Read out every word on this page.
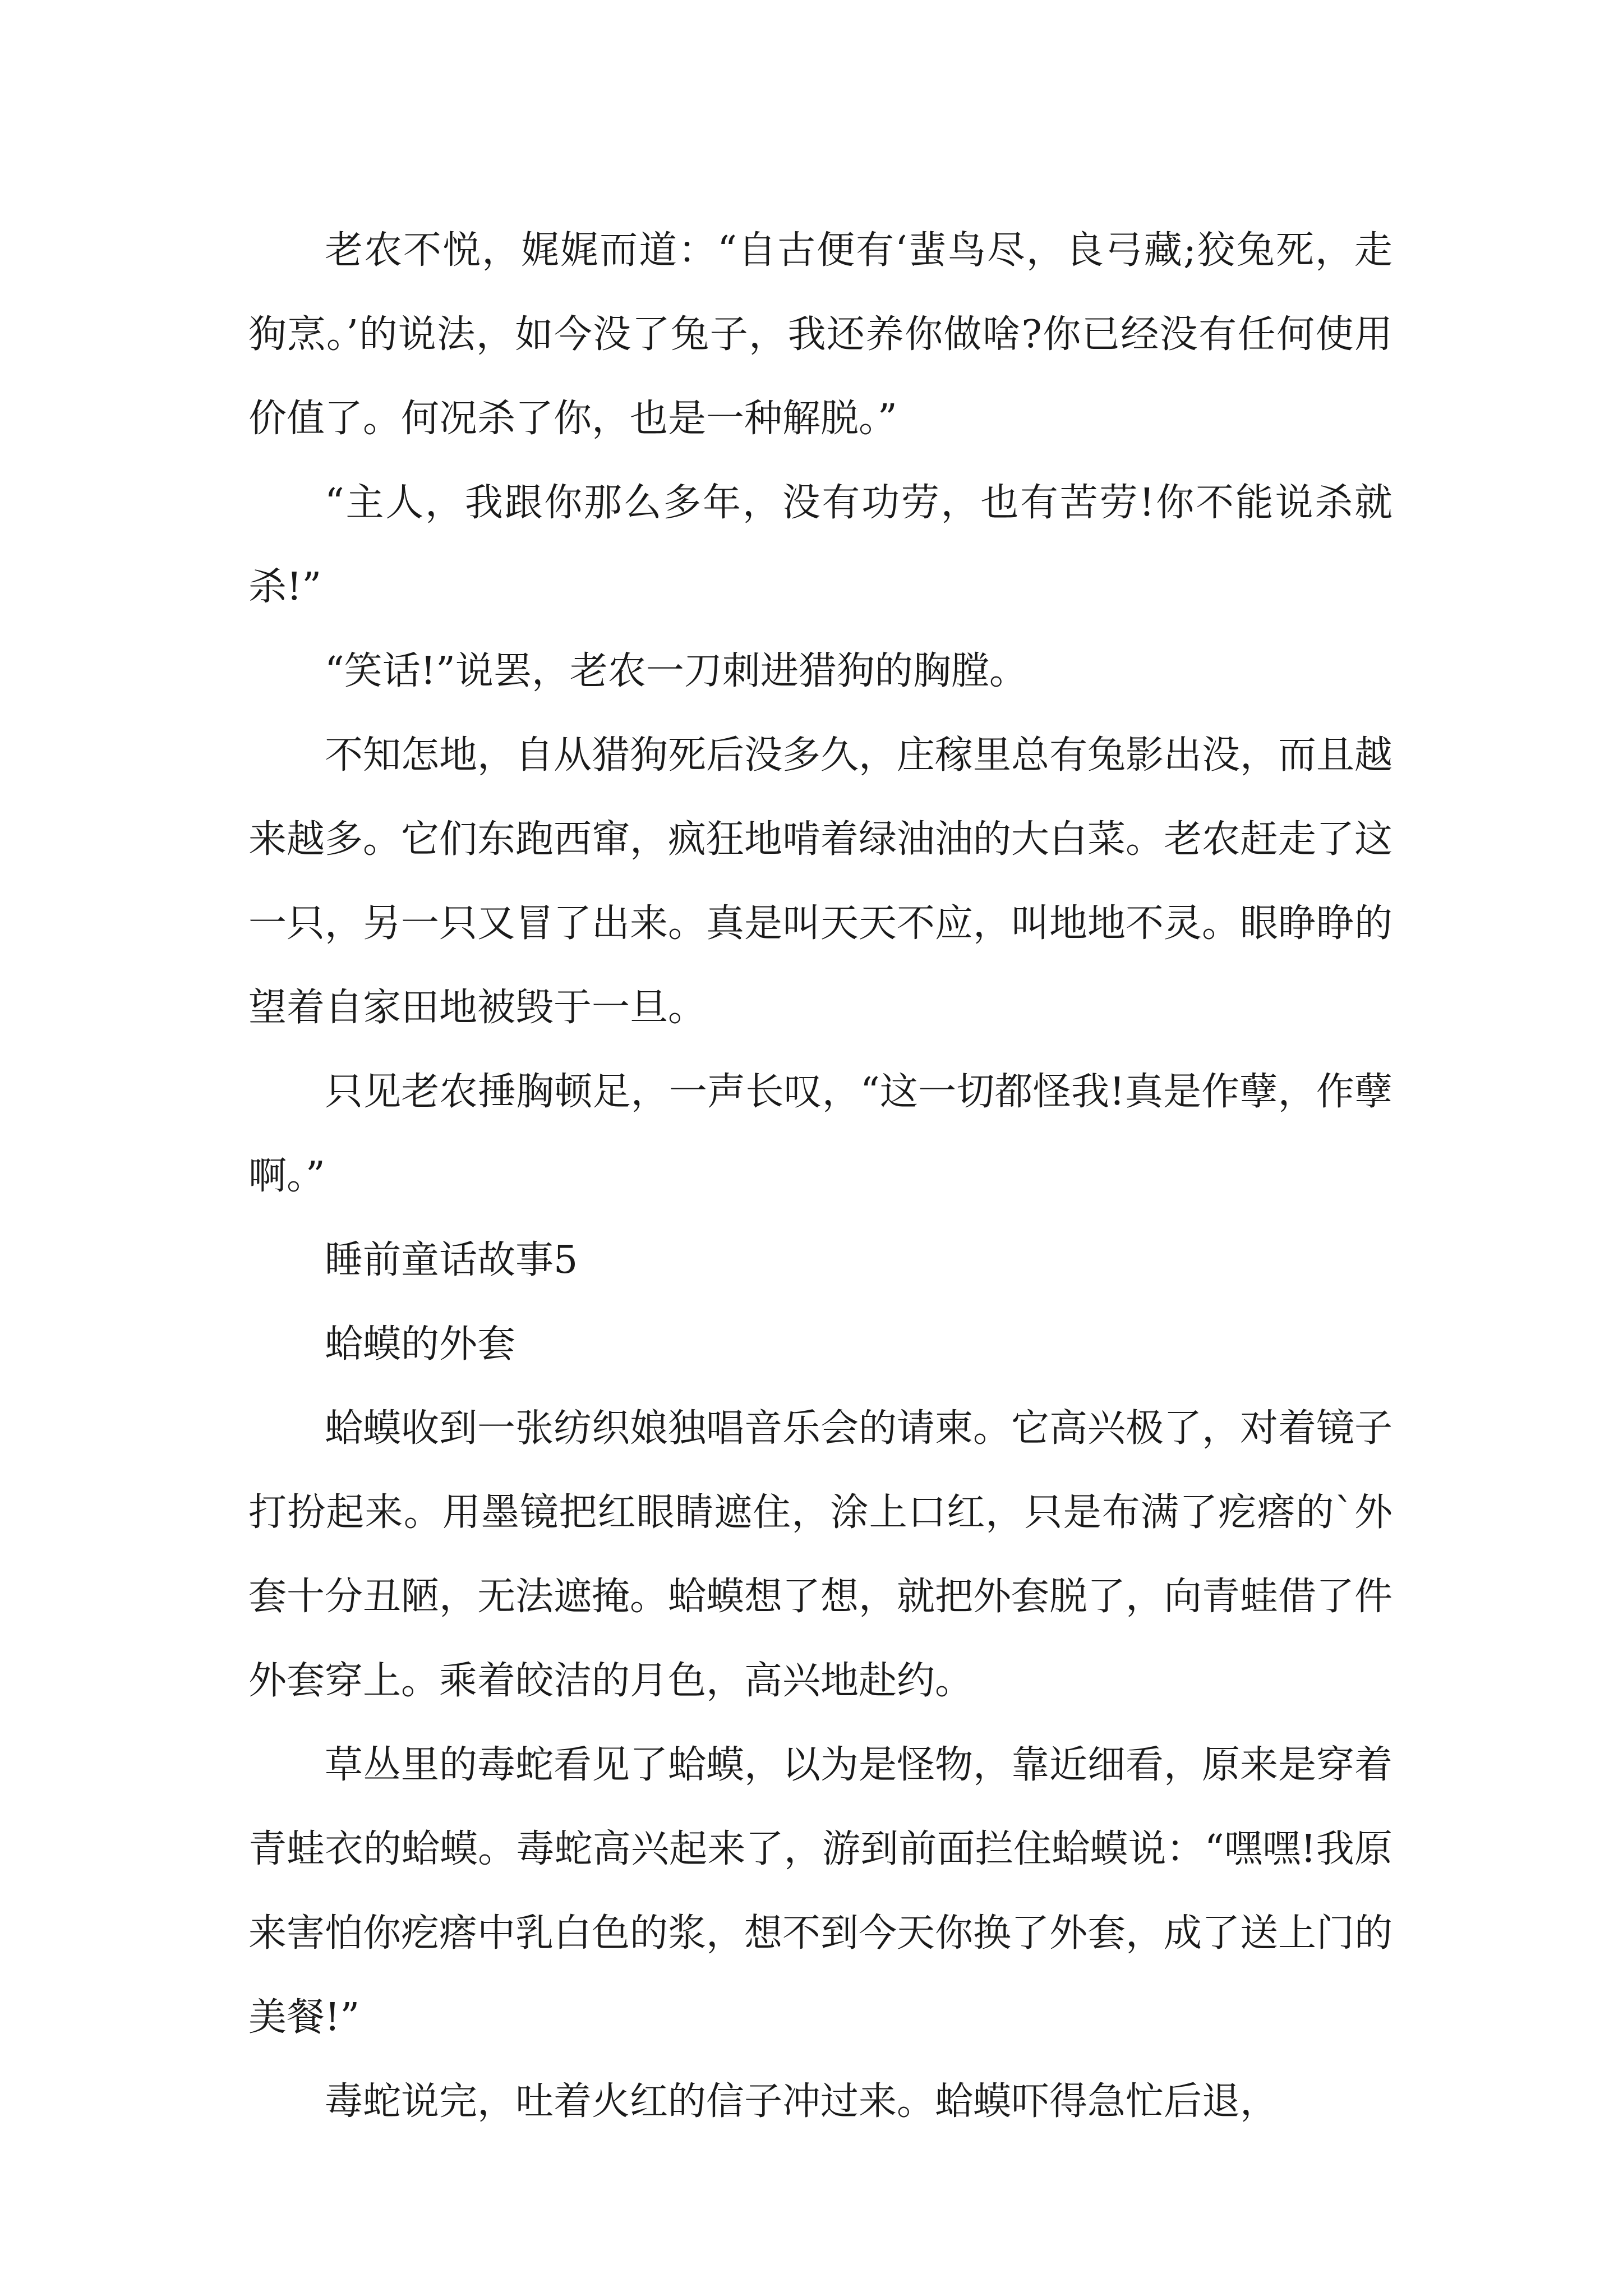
老农不悦，娓娓而道：“自古便有‘蜚鸟尽，良弓藏;狡兔死，走狗烹。’的说法，如今没了兔子，我还养你做啥?你已经没有任何使用价值了。何况杀了你，也是一种解脱。”

“主人，我跟你那么多年，没有功劳，也有苦劳!你不能说杀就杀!”

“笑话!”说罢，老农一刀刺进猎狗的胸膛。

不知怎地，自从猎狗死后没多久，庄稼里总有兔影出没，而且越来越多。它们东跑西窜，疯狂地啃着绿油油的大白菜。老农赶走了这一只，另一只又冒了出来。真是叫天天不应，叫地地不灵。眼睁睁的望着自家田地被毁于一旦。

只见老农捶胸顿足，一声长叹，“这一切都怪我!真是作孽，作孽啊。”

睡前童话故事5

蛤蟆的外套

蛤蟆收到一张纺织娘独唱音乐会的请柬。它高兴极了，对着镜子打扮起来。用墨镜把红眼睛遮住，涂上口红，只是布满了疙瘩的`外套十分丑陋，无法遮掩。蛤蟆想了想，就把外套脱了，向青蛙借了件外套穿上。乘着皎洁的月色，高兴地赴约。

草丛里的毒蛇看见了蛤蟆，以为是怪物，靠近细看，原来是穿着青蛙衣的蛤蟆。毒蛇高兴起来了，游到前面拦住蛤蟆说：“嘿嘿!我原来害怕你疙瘩中乳白色的浆，想不到今天你换了外套，成了送上门的美餐!”

毒蛇说完，吐着火红的信子冲过来。蛤蟆吓得急忙后退，
